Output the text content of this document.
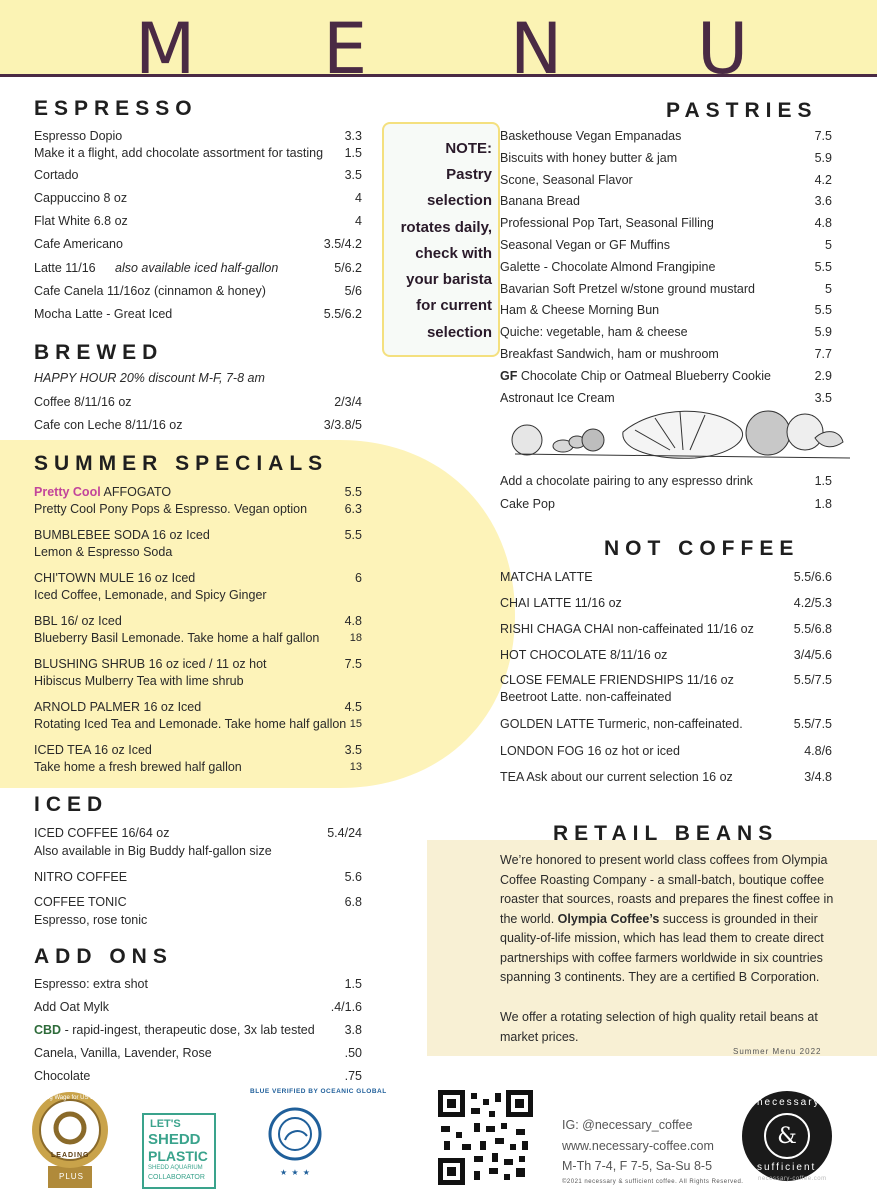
M E N U
ESPRESSO
Espresso Dopio	3.3
Make it a flight, add chocolate assortment for tasting 1.5
Cortado	3.5
Cappuccino 8 oz	4
Flat White 6.8 oz	4
Cafe Americano	3.5/4.2
Latte 11/16 also available iced half-gallon	5/6.2
Cafe Canela 11/16oz (cinnamon & honey)	5/6
Mocha Latte - Great Iced	5.5/6.2
NOTE:
Pastry
selection
rotates daily,
check with
your barista
for current
selection
BREWED
HAPPY HOUR 20% discount M-F, 7-8 am
Coffee 8/11/16 oz	2/3/4
Cafe con Leche 8/11/16 oz	3/3.8/5
SUMMER SPECIALS
Pretty Cool AFFOGATO	5.5
Pretty Cool Pony Pops & Espresso. Vegan option	6.3
BUMBLEBEE SODA 16 oz Iced	5.5
Lemon & Espresso Soda
CHI'TOWN MULE 16 oz Iced	6
Iced Coffee, Lemonade, and Spicy Ginger
BBL 16/ oz Iced	4.8
Blueberry Basil Lemonade. Take home a half gallon	18
BLUSHING SHRUB 16 oz iced / 11 oz hot	7.5
Hibiscus Mulberry Tea with lime shrub
ARNOLD PALMER 16 oz Iced	4.5
Rotating Iced Tea and Lemonade. Take home half gallon 15
ICED TEA 16 oz Iced	3.5
Take home a fresh brewed half gallon	13
ICED
ICED COFFEE 16/64 oz	5.4/24
Also available in Big Buddy half-gallon size
NITRO COFFEE	5.6
COFFEE TONIC	6.8
Espresso, rose tonic
ADD ONS
Espresso: extra shot	1.5
Add Oat Mylk	.4/1.6
CBD - rapid-ingest, therapeutic dose, 3x lab tested 3.8
Canela, Vanilla, Lavender, Rose	.50
Chocolate	.75
PASTRIES
Baskethouse Vegan Empanadas	7.5
Biscuits with honey butter & jam	5.9
Scone, Seasonal Flavor	4.2
Banana Bread	3.6
Professional Pop Tart, Seasonal Filling	4.8
Seasonal Vegan or GF Muffins	5
Galette - Chocolate Almond Frangipine	5.5
Bavarian Soft Pretzel w/stone ground mustard	5
Ham & Cheese Morning Bun	5.5
Quiche: vegetable, ham & cheese	5.9
Breakfast Sandwich, ham or mushroom	7.7
GF Chocolate Chip or Oatmeal Blueberry Cookie	2.9
Astronaut Ice Cream	3.5
Add a chocolate pairing to any espresso drink	1.5
Cake Pop	1.8
NOT COFFEE
MATCHA LATTE	5.5/6.6
CHAI LATTE 11/16 oz	4.2/5.3
RISHI CHAGA CHAI non-caffeinated 11/16 oz	5.5/6.8
HOT CHOCOLATE 8/11/16 oz	3/4/5.6
CLOSE FEMALE FRIENDSHIPS 11/16 oz	5.5/7.5
Beetroot Latte. non-caffeinated
GOLDEN LATTE Turmeric, non-caffeinated.	5.5/7.5
LONDON FOG 16 oz hot or iced	4.8/6
TEA Ask about our current selection 16 oz	3/4.8
RETAIL BEANS
We’re honored to present world class coffees from Olympia Coffee Roasting Company - a small-batch, boutique coffee roaster that sources, roasts and prepares the finest coffee in the world. Olympia Coffee’s success is grounded in their quality-of-life mission, which has lead them to create direct partnerships with coffee farmers worldwide in six countries spanning 3 continents. They are a certified B Corporation.
We offer a rotating selection of high quality retail beans at market prices.
Summer Menu 2022
Living Wage for US Employer
LEADING
PLUS
LET'S
SHEDD
PLASTIC
SHEDD AQUARIUM
COLLABORATOR
BLUE VERIFIED BY OCEANIC GLOBAL
★ ★ ★
IG: @necessary_coffee
www.necessary-coffee.com
M-Th 7-4, F 7-5, Sa-Su 8-5
©2021 necessary & sufficient coffee. All Rights Reserved.
&
necessary
sufficient
necessary-coffee.com
